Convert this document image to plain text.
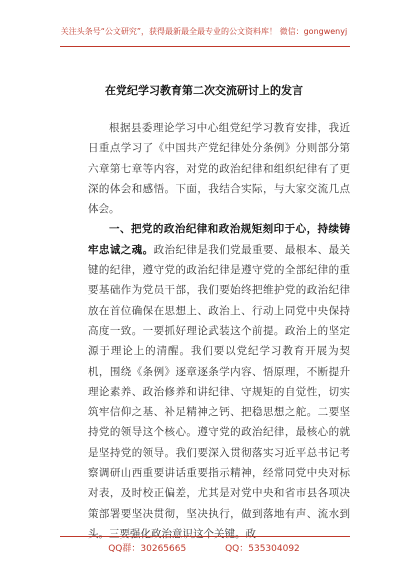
关注头条号“公文研究”，获得最新最全最专业的公文资料库！ 微信：gongwenyj
在党纪学习教育第二次交流研讨上的发言

根据县委理论学习中心组党纪学习教育安排，我近日重点学习了《中国共产党纪律处分条例》分则部分第六章第七章等内容，对党的政治纪律和组织纪律有了更深的体会和感悟。下面，我结合实际，与大家交流几点体会。

一、把党的政治纪律和政治规矩刻印于心，持续铸牢忠诚之魂。政治纪律是我们党最重要、最根本、最关键的纪律，遵守党的政治纪律是遵守党的全部纪律的重要基础作为党员干部，我们要始终把维护党的政治纪律放在首位确保在思想上、政治上、行动上同党中央保持高度一致。一要抓好理论武装这个前提。政治上的坚定源于理论上的清醒。我们要以党纪学习教育开展为契机，围绕《条例》逐章逐条学内容、悟原理，不断提升理论素养、政治修养和讲纪律、守规矩的自觉性，切实筑牢信仰之基、补足精神之钙、把稳思想之舵。二要坚持党的领导这个核心。遵守党的政治纪律，最核心的就是坚持党的领导。我们要深入贯彻落实习近平总书记考察调研山西重要讲话重要指示精神，经常同党中央对标对表，及时校正偏差，尤其是对党中央和省市县各项决策部署要坚决贯彻，坚决执行，做到落地有声、流水到头。三要强化政治意识这个关键。政

QQ群：30265665	QQ：535304092
